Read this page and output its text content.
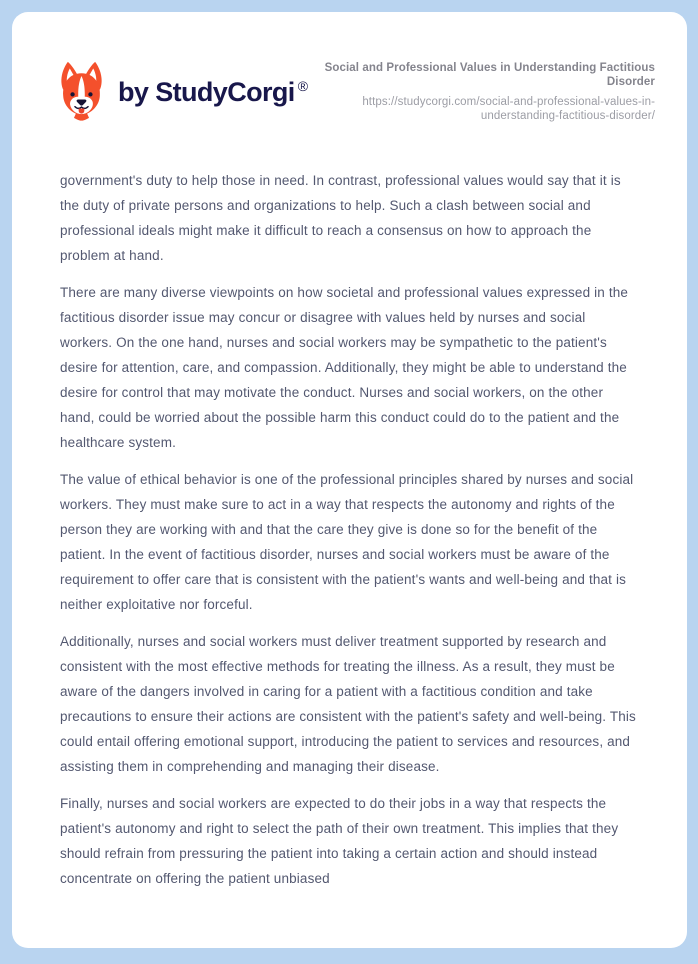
by StudyCorgi ®
Social and Professional Values in Understanding Factitious Disorder
https://studycorgi.com/social-and-professional-values-in-understanding-factitious-disorder/

government's duty to help those in need. In contrast, professional values would say that it is the duty of private persons and organizations to help. Such a clash between social and professional ideals might make it difficult to reach a consensus on how to approach the problem at hand.

There are many diverse viewpoints on how societal and professional values expressed in the factitious disorder issue may concur or disagree with values held by nurses and social workers. On the one hand, nurses and social workers may be sympathetic to the patient's desire for attention, care, and compassion. Additionally, they might be able to understand the desire for control that may motivate the conduct. Nurses and social workers, on the other hand, could be worried about the possible harm this conduct could do to the patient and the healthcare system.

The value of ethical behavior is one of the professional principles shared by nurses and social workers. They must make sure to act in a way that respects the autonomy and rights of the person they are working with and that the care they give is done so for the benefit of the patient. In the event of factitious disorder, nurses and social workers must be aware of the requirement to offer care that is consistent with the patient's wants and well-being and that is neither exploitative nor forceful.

Additionally, nurses and social workers must deliver treatment supported by research and consistent with the most effective methods for treating the illness. As a result, they must be aware of the dangers involved in caring for a patient with a factitious condition and take precautions to ensure their actions are consistent with the patient's safety and well-being. This could entail offering emotional support, introducing the patient to services and resources, and assisting them in comprehending and managing their disease.

Finally, nurses and social workers are expected to do their jobs in a way that respects the patient's autonomy and right to select the path of their own treatment. This implies that they should refrain from pressuring the patient into taking a certain action and should instead concentrate on offering the patient unbiased
